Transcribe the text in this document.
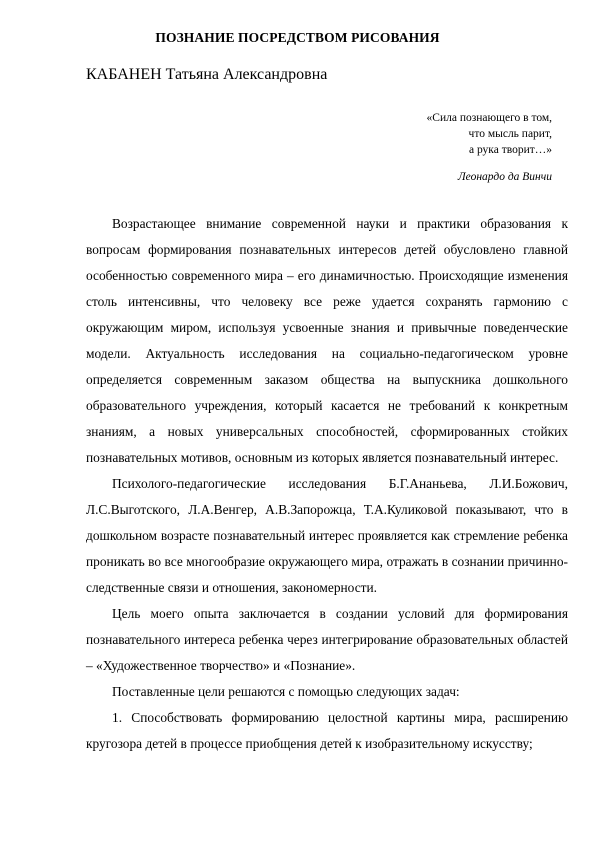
ПОЗНАНИЕ ПОСРЕДСТВОМ РИСОВАНИЯ
КАБАНЕН Татьяна Александровна
«Сила познающего в том,
что мысль парит,
а рука творит…»
Леонардо да Винчи

Возрастающее внимание современной науки и практики образования к вопросам формирования познавательных интересов детей обусловлено главной особенностью современного мира – его динамичностью. Происходящие изменения столь интенсивны, что человеку все реже удается сохранять гармонию с окружающим миром, используя усвоенные знания и привычные поведенческие модели. Актуальность исследования на социально-педагогическом уровне определяется современным заказом общества на выпускника дошкольного образовательного учреждения, который касается не требований к конкретным знаниям, а новых универсальных способностей, сформированных стойких познавательных мотивов, основным из которых является познавательный интерес.

Психолого-педагогические исследования Б.Г.Ананьева, Л.И.Божович, Л.С.Выготского, Л.А.Венгер, А.В.Запорожца, Т.А.Куликовой показывают, что в дошкольном возрасте познавательный интерес проявляется как стремление ребенка проникать во все многообразие окружающего мира, отражать в сознании причинно-следственные связи и отношения, закономерности.

Цель моего опыта заключается в создании условий для формирования познавательного интереса ребенка через интегрирование образовательных областей – «Художественное творчество» и «Познание».

Поставленные цели решаются с помощью следующих задач:

1. Способствовать формированию целостной картины мира, расширению кругозора детей в процессе приобщения детей к изобразительному искусству;
